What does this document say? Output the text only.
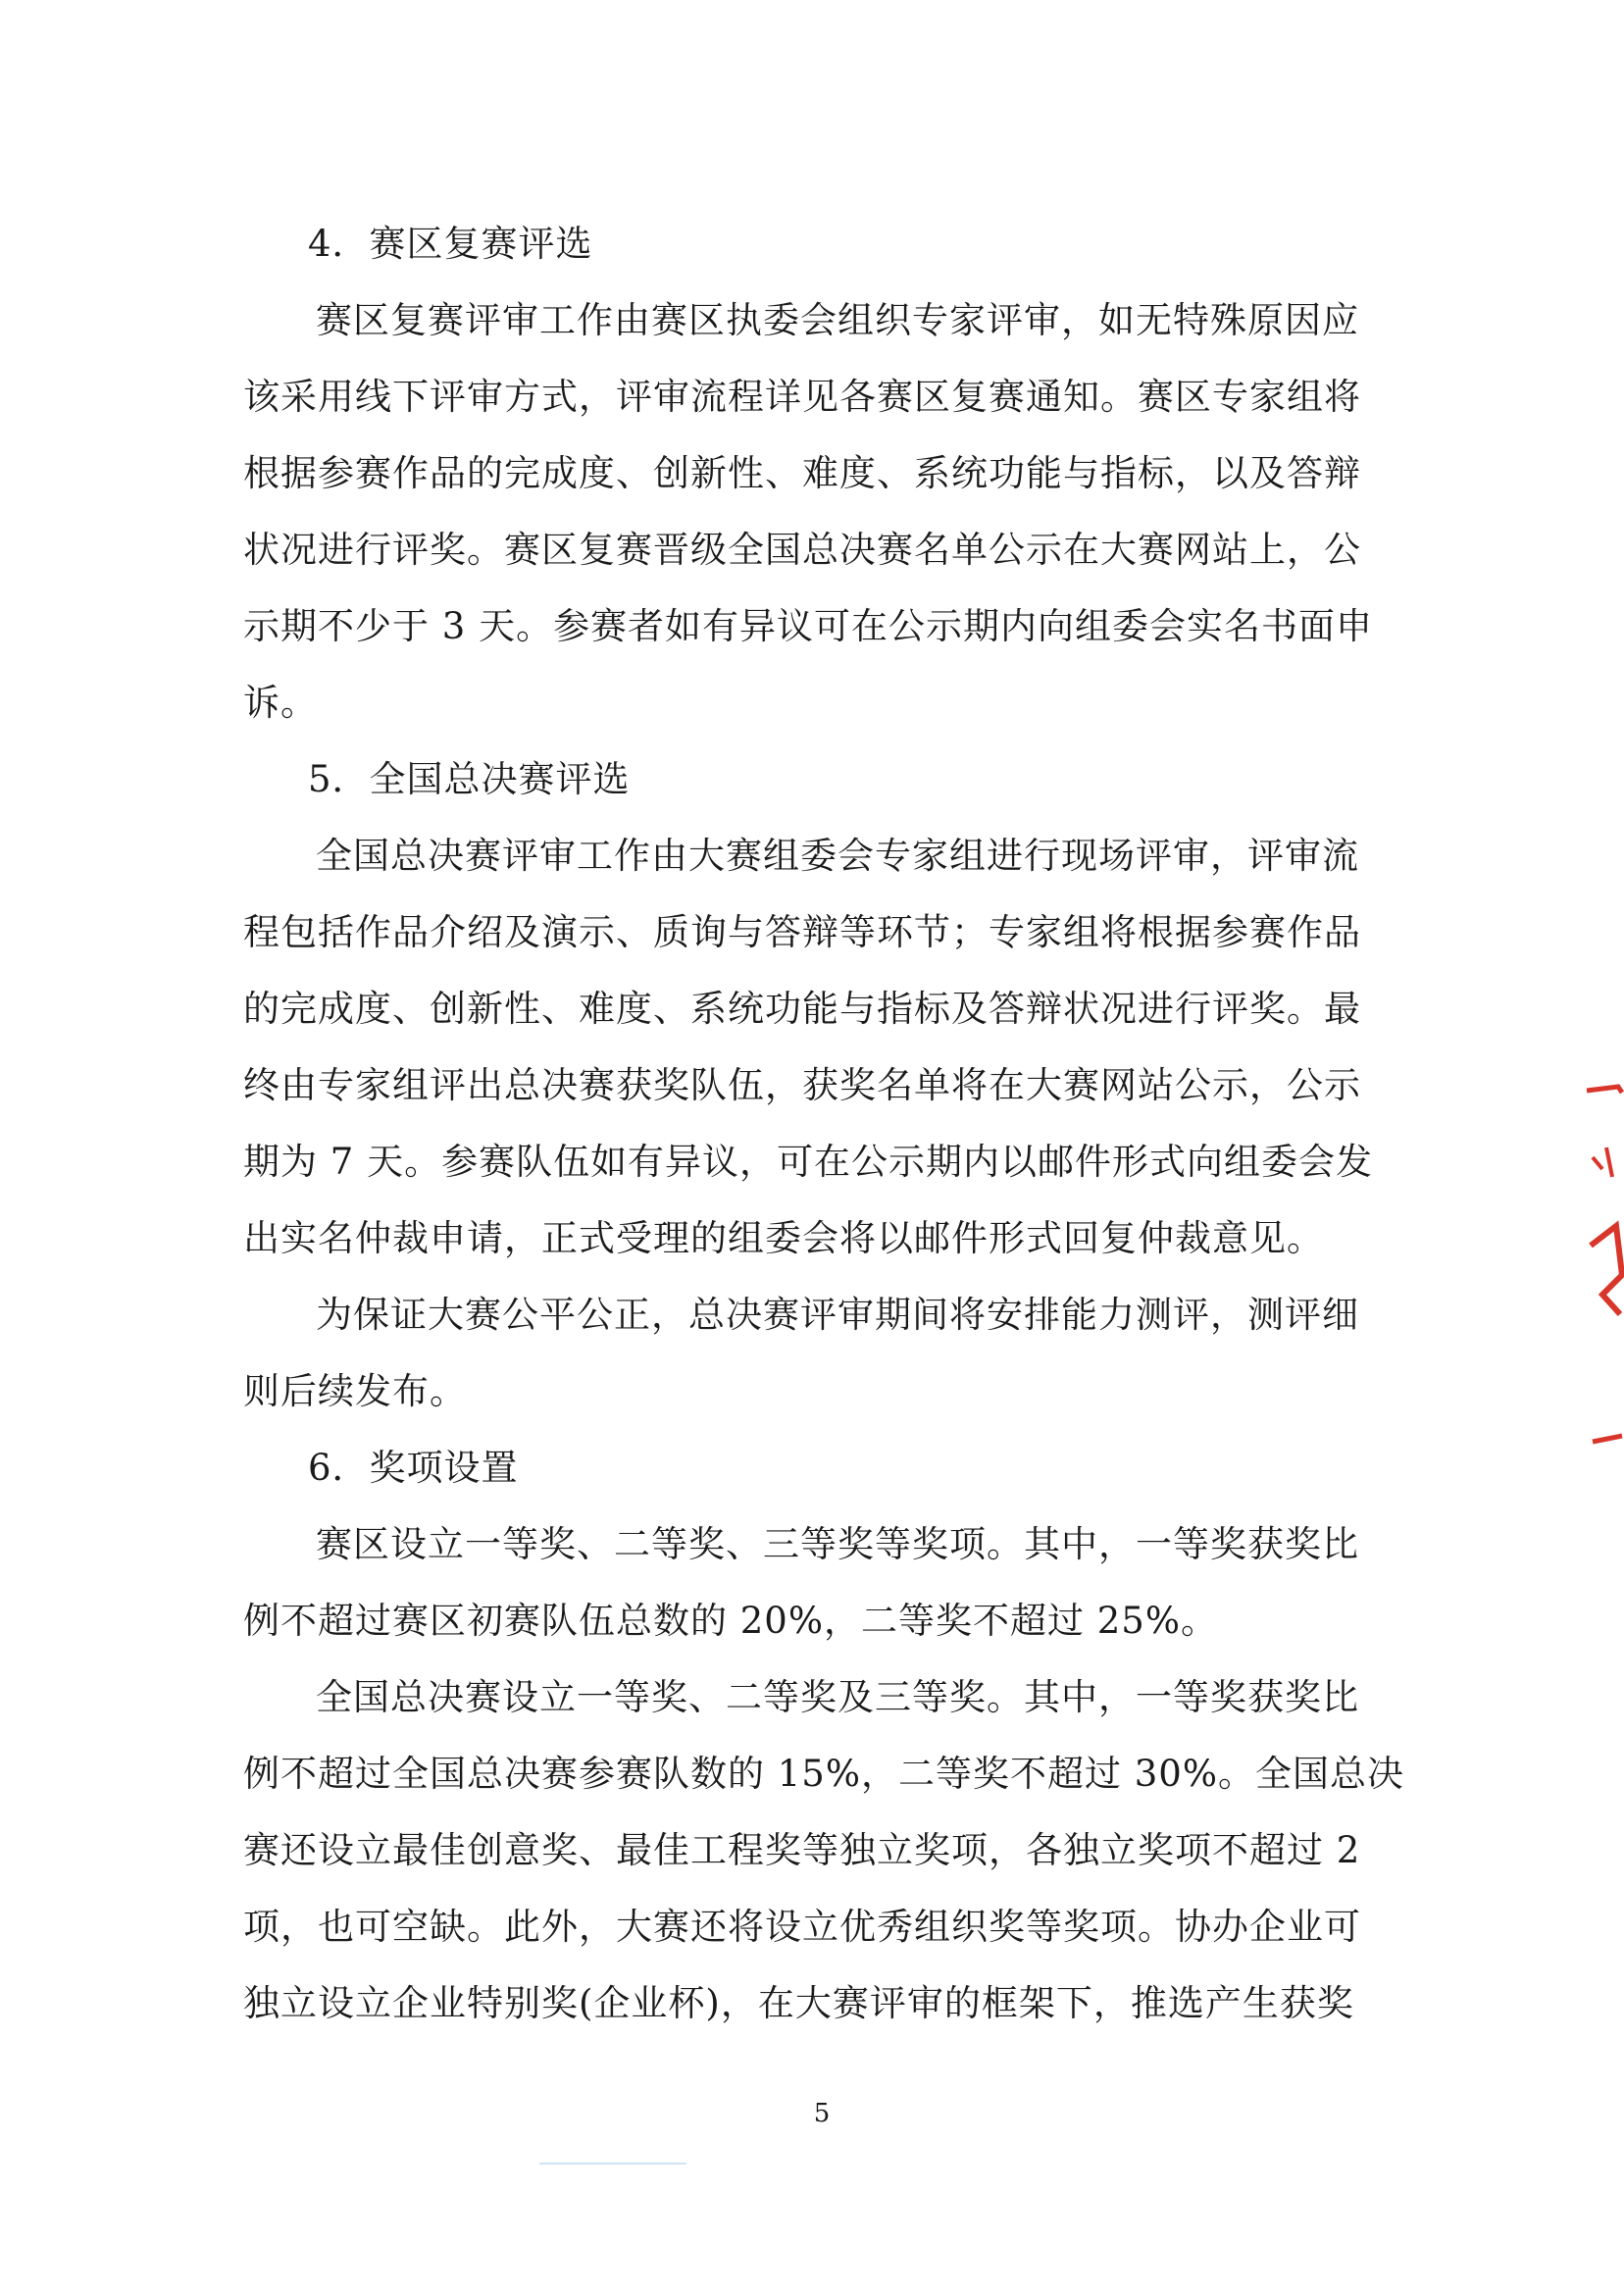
4．赛区复赛评选
赛区复赛评审工作由赛区执委会组织专家评审，如无特殊原因应
该采用线下评审方式，评审流程详见各赛区复赛通知。赛区专家组将
根据参赛作品的完成度、创新性、难度、系统功能与指标，以及答辩
状况进行评奖。赛区复赛晋级全国总决赛名单公示在大赛网站上，公
示期不少于 3 天。参赛者如有异议可在公示期内向组委会实名书面申
诉。
5．全国总决赛评选
全国总决赛评审工作由大赛组委会专家组进行现场评审，评审流
程包括作品介绍及演示、质询与答辩等环节；专家组将根据参赛作品
的完成度、创新性、难度、系统功能与指标及答辩状况进行评奖。最
终由专家组评出总决赛获奖队伍，获奖名单将在大赛网站公示，公示
期为 7 天。参赛队伍如有异议，可在公示期内以邮件形式向组委会发
出实名仲裁申请，正式受理的组委会将以邮件形式回复仲裁意见。
为保证大赛公平公正，总决赛评审期间将安排能力测评，测评细
则后续发布。
6．奖项设置
赛区设立一等奖、二等奖、三等奖等奖项。其中，一等奖获奖比
例不超过赛区初赛队伍总数的 20%，二等奖不超过 25%。
全国总决赛设立一等奖、二等奖及三等奖。其中，一等奖获奖比
例不超过全国总决赛参赛队数的 15%，二等奖不超过 30%。全国总决
赛还设立最佳创意奖、最佳工程奖等独立奖项，各独立奖项不超过 2
项，也可空缺。此外，大赛还将设立优秀组织奖等奖项。协办企业可
独立设立企业特别奖(企业杯)，在大赛评审的框架下，推选产生获奖
5
